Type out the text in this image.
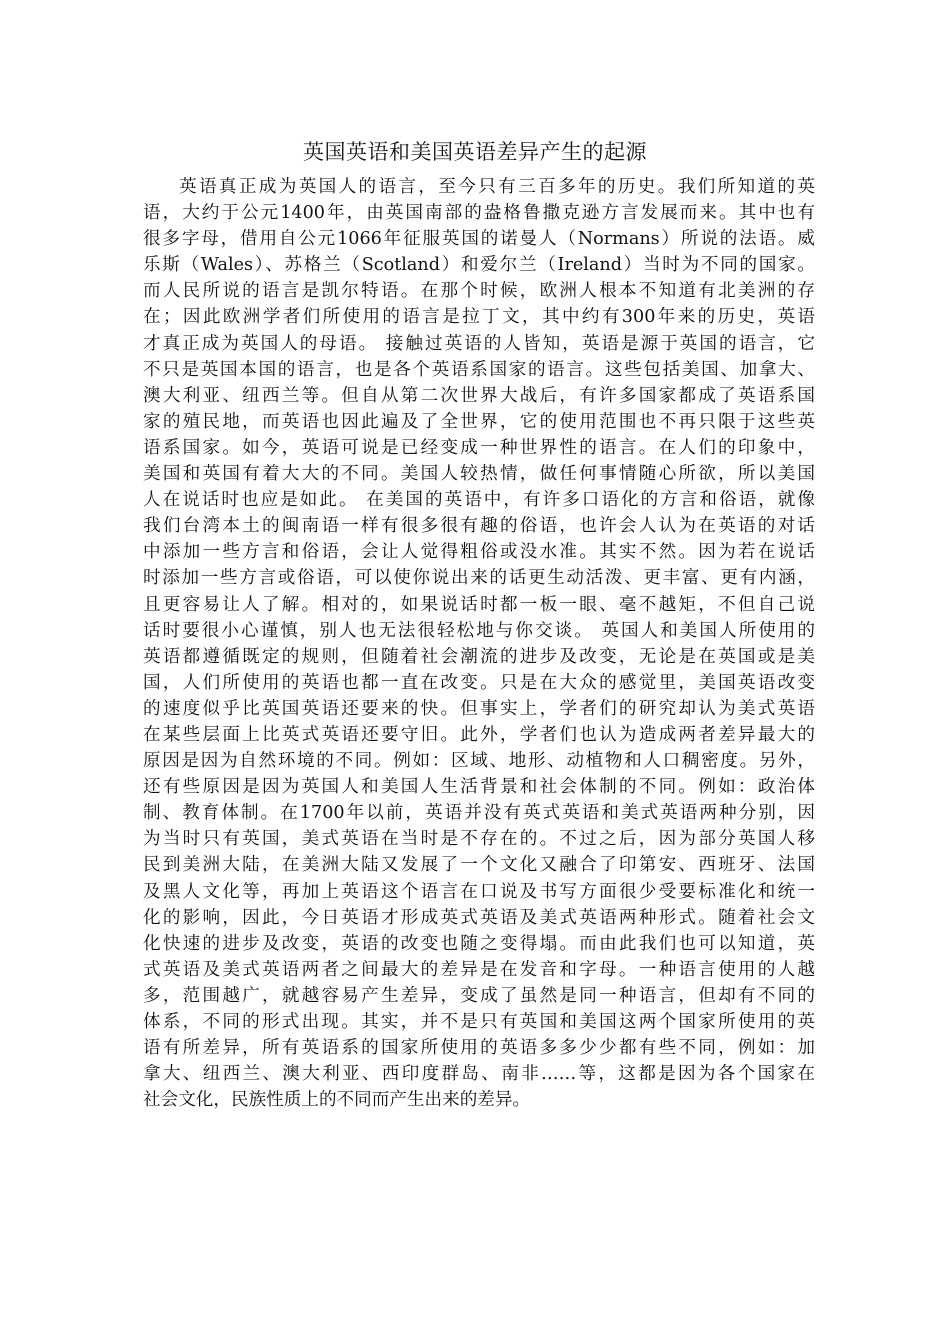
英国英语和美国英语差异产生的起源
英语真正成为英国人的语言，至今只有三百多年的历史。我们所知道的英
语，大约于公元1400年，由英国南部的盎格鲁撒克逊方言发展而来。其中也有
很多字母，借用自公元1066年征服英国的诺曼人（Normans）所说的法语。威
乐斯（Wales）、苏格兰（Scotland）和爱尔兰（Ireland）当时为不同的国家。
而人民所说的语言是凯尔特语。在那个时候，欧洲人根本不知道有北美洲的存
在；因此欧洲学者们所使用的语言是拉丁文，其中约有300年来的历史，英语
才真正成为英国人的母语。 接触过英语的人皆知，英语是源于英国的语言，它
不只是英国本国的语言，也是各个英语系国家的语言。这些包括美国、加拿大、
澳大利亚、纽西兰等。但自从第二次世界大战后，有许多国家都成了英语系国
家的殖民地，而英语也因此遍及了全世界，它的使用范围也不再只限于这些英
语系国家。如今，英语可说是已经变成一种世界性的语言。在人们的印象中，
美国和英国有着大大的不同。美国人较热情，做任何事情随心所欲，所以美国
人在说话时也应是如此。 在美国的英语中，有许多口语化的方言和俗语，就像
我们台湾本土的闽南语一样有很多很有趣的俗语，也许会人认为在英语的对话
中添加一些方言和俗语，会让人觉得粗俗或没水准。其实不然。因为若在说话
时添加一些方言或俗语，可以使你说出来的话更生动活泼、更丰富、更有内涵，
且更容易让人了解。相对的，如果说话时都一板一眼、毫不越矩，不但自己说
话时要很小心谨慎，别人也无法很轻松地与你交谈。 英国人和美国人所使用的
英语都遵循既定的规则，但随着社会潮流的进步及改变，无论是在英国或是美
国，人们所使用的英语也都一直在改变。只是在大众的感觉里，美国英语改变
的速度似乎比英国英语还要来的快。但事实上，学者们的研究却认为美式英语
在某些层面上比英式英语还要守旧。此外，学者们也认为造成两者差异最大的
原因是因为自然环境的不同。例如：区域、地形、动植物和人口稠密度。另外，
还有些原因是因为英国人和美国人生活背景和社会体制的不同。例如：政治体
制、教育体制。在1700年以前，英语并没有英式英语和美式英语两种分别，因
为当时只有英国，美式英语在当时是不存在的。不过之后，因为部分英国人移
民到美洲大陆，在美洲大陆又发展了一个文化又融合了印第安、西班牙、法国
及黑人文化等，再加上英语这个语言在口说及书写方面很少受要标准化和统一
化的影响，因此，今日英语才形成英式英语及美式英语两种形式。随着社会文
化快速的进步及改变，英语的改变也随之变得塌。而由此我们也可以知道，英
式英语及美式英语两者之间最大的差异是在发音和字母。一种语言使用的人越
多，范围越广，就越容易产生差异，变成了虽然是同一种语言，但却有不同的
体系，不同的形式出现。其实，并不是只有英国和美国这两个国家所使用的英
语有所差异，所有英语系的国家所使用的英语多多少少都有些不同，例如：加
拿大、纽西兰、澳大利亚、西印度群岛、南非……等，这都是因为各个国家在
社会文化，民族性质上的不同而产生出来的差异。
